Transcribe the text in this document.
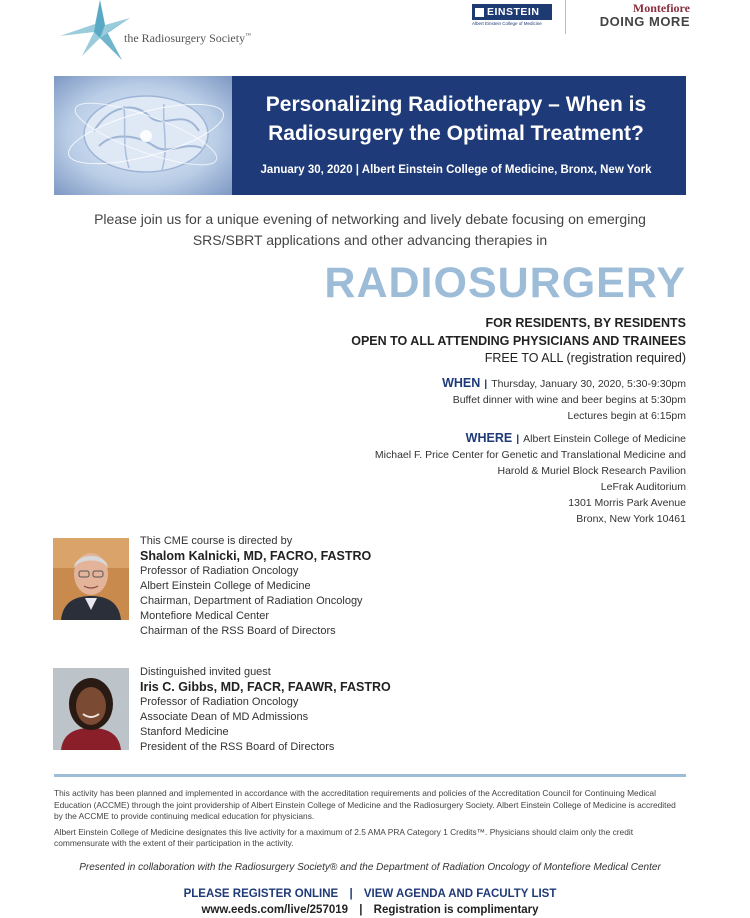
the Radiosurgery Society™
EINSTEIN
Albert Einstein College of Medicine
Montefiore
DOING MORE
Personalizing Radiotherapy – When is
Radiosurgery the Optimal Treatment?
January 30, 2020 | Albert Einstein College of Medicine, Bronx, New York
Please join us for a unique evening of networking and lively debate focusing on emerging
SRS/SBRT applications and other advancing therapies in
RADIOSURGERY
FOR RESIDENTS, BY RESIDENTS
OPEN TO ALL ATTENDING PHYSICIANS AND TRAINEES
FREE TO ALL (registration required)
WHEN | Thursday, January 30, 2020, 5:30-9:30pm
Buffet dinner with wine and beer begins at 5:30pm
Lectures begin at 6:15pm
WHERE | Albert Einstein College of Medicine
Michael F. Price Center for Genetic and Translational Medicine and
Harold & Muriel Block Research Pavilion
LeFrak Auditorium
1301 Morris Park Avenue
Bronx, New York 10461
This CME course is directed by
Shalom Kalnicki, MD, FACRO, FASTRO
Professor of Radiation Oncology
Albert Einstein College of Medicine
Chairman, Department of Radiation Oncology
Montefiore Medical Center
Chairman of the RSS Board of Directors
Distinguished invited guest
Iris C. Gibbs, MD, FACR, FAAWR, FASTRO
Professor of Radiation Oncology
Associate Dean of MD Admissions
Stanford Medicine
President of the RSS Board of Directors

This activity has been planned and implemented in accordance with the accreditation requirements and policies of the Accreditation Council for Continuing Medical Education (ACCME) through the joint providership of Albert Einstein College of Medicine and the Radiosurgery Society. Albert Einstein College of Medicine is accredited by the ACCME to provide continuing medical education for physicians.

Albert Einstein College of Medicine designates this live activity for a maximum of 2.5 AMA PRA Category 1 Credits™. Physicians should claim only the credit commensurate with the extent of their participation in the activity.

Presented in collaboration with the Radiosurgery Society® and the Department of Radiation Oncology of Montefiore Medical Center
PLEASE REGISTER ONLINE | VIEW AGENDA AND FACULTY LIST
www.eeds.com/live/257019 | Registration is complimentary
